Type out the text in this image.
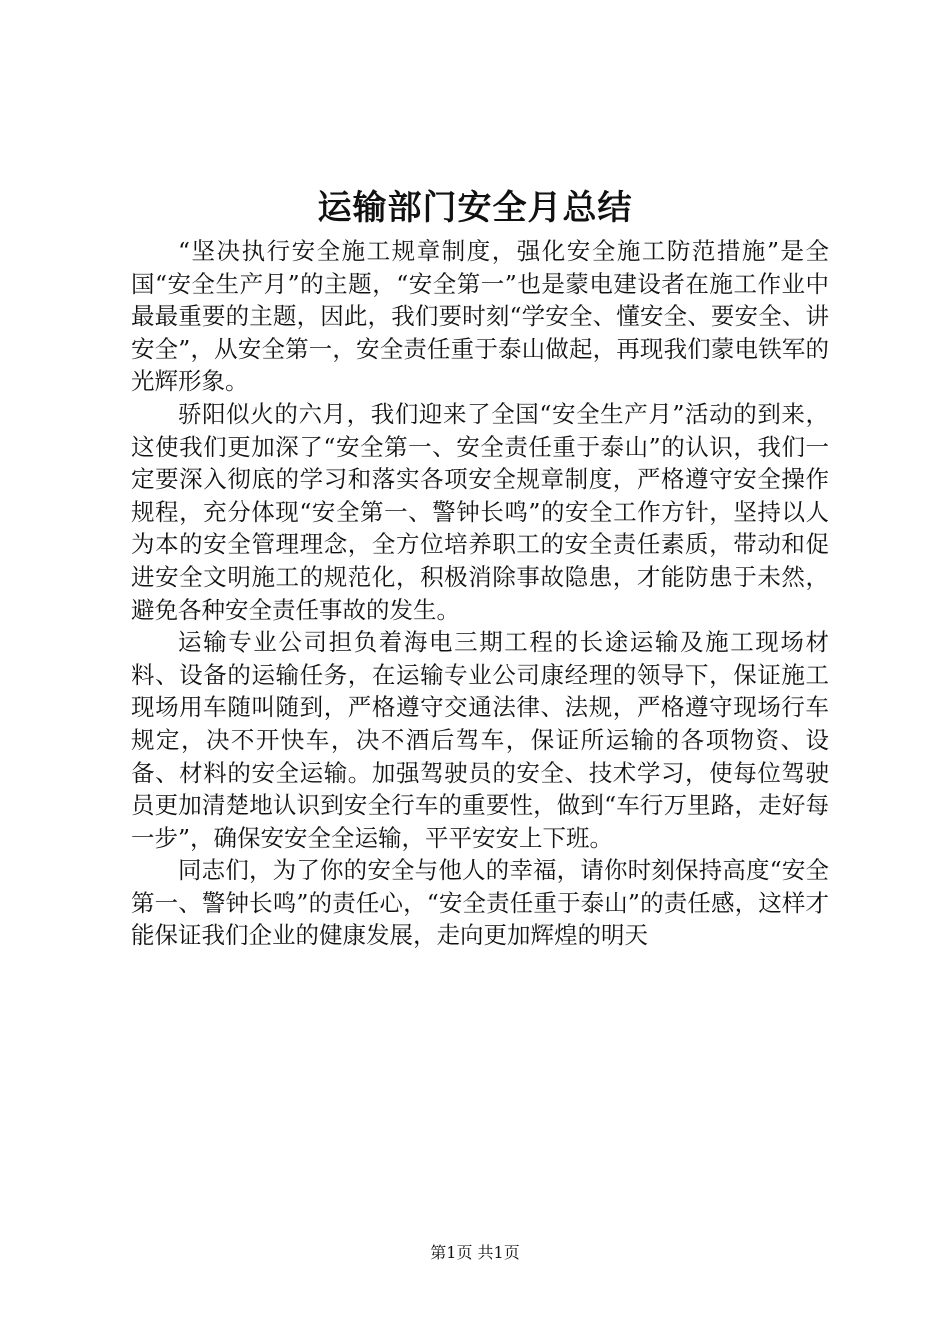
运输部门安全月总结

“坚决执行安全施工规章制度，强化安全施工防范措施”是全国“安全生产月”的主题，“安全第一”也是蒙电建设者在施工作业中最最重要的主题，因此，我们要时刻“学安全、懂安全、要安全、讲安全”，从安全第一，安全责任重于泰山做起，再现我们蒙电铁军的光辉形象。

骄阳似火的六月，我们迎来了全国“安全生产月”活动的到来，这使我们更加深了“安全第一、安全责任重于泰山”的认识，我们一定要深入彻底的学习和落实各项安全规章制度，严格遵守安全操作规程，充分体现“安全第一、警钟长鸣”的安全工作方针，坚持以人为本的安全管理理念，全方位培养职工的安全责任素质，带动和促进安全文明施工的规范化，积极消除事故隐患，才能防患于未然，避免各种安全责任事故的发生。

运输专业公司担负着海电三期工程的长途运输及施工现场材料、设备的运输任务，在运输专业公司康经理的领导下，保证施工现场用车随叫随到，严格遵守交通法律、法规，严格遵守现场行车规定，决不开快车，决不酒后驾车，保证所运输的各项物资、设备、材料的安全运输。加强驾驶员的安全、技术学习，使每位驾驶员更加清楚地认识到安全行车的重要性，做到“车行万里路，走好每一步”，确保安安全全运输，平平安安上下班。

同志们，为了你的安全与他人的幸福，请你时刻保持高度“安全第一、警钟长鸣”的责任心，“安全责任重于泰山”的责任感，这样才能保证我们企业的健康发展，走向更加辉煌的明天

第1页 共1页
